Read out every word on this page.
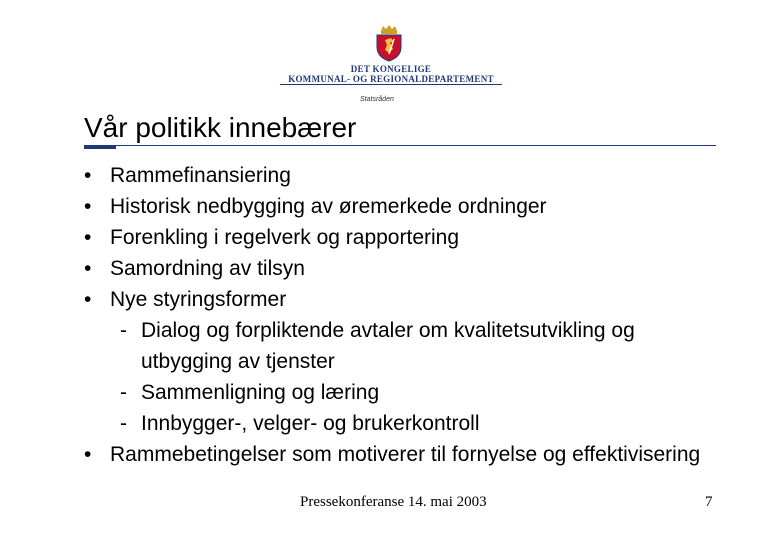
DET KONGELIGE
KOMMUNAL- OG REGIONALDEPARTEMENT
Statsråden
Vår politikk innebærer
• Rammefinansiering
• Historisk nedbygging av øremerkede ordninger
• Forenkling i regelverk og rapportering
• Samordning av tilsyn
• Nye styringsformer
- Dialog og forpliktende avtaler om kvalitetsutvikling og utbygging av tjenster
- Sammenligning og læring
- Innbygger-, velger- og brukerkontroll
• Rammebetingelser som motiverer til fornyelse og effektivisering
Pressekonferanse 14. mai 2003	7
